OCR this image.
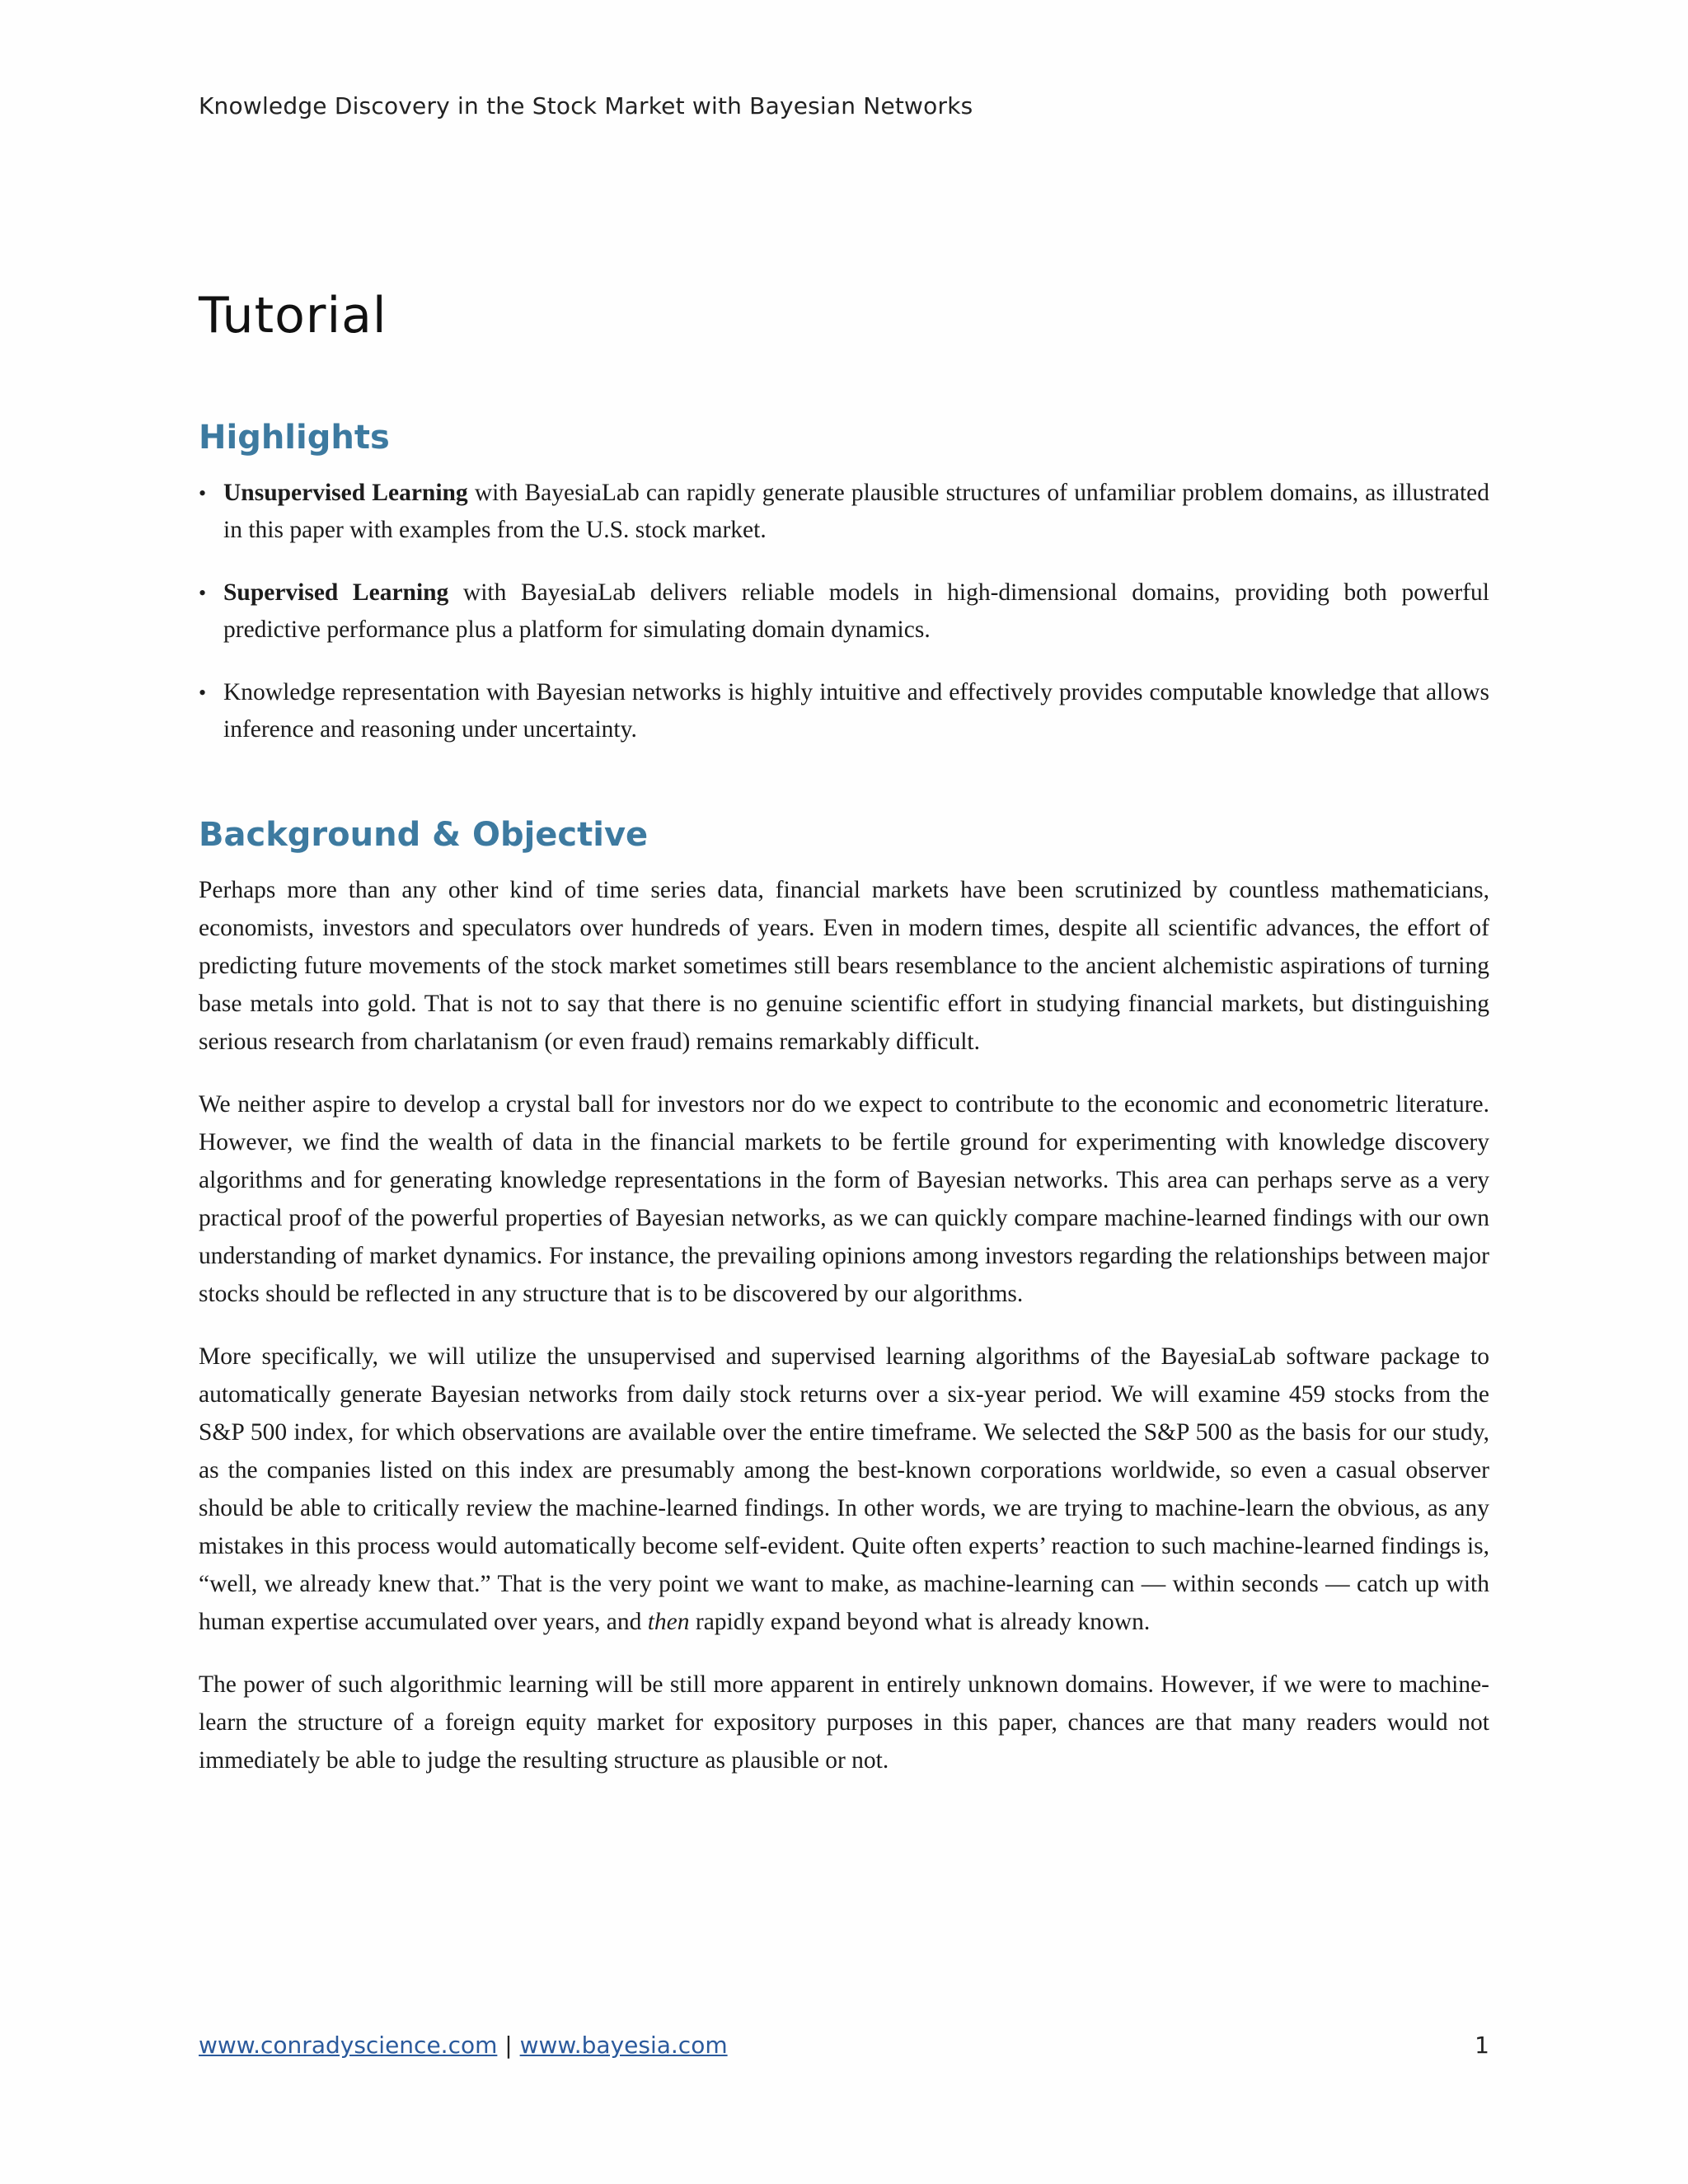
Knowledge Discovery in the Stock Market with Bayesian Networks
Tutorial
Highlights
• Unsupervised Learning with BayesiaLab can rapidly generate plausible structures of unfamiliar problem domains, as illustrated in this paper with examples from the U.S. stock market.
• Supervised Learning with BayesiaLab delivers reliable models in high-dimensional domains, providing both powerful predictive performance plus a platform for simulating domain dynamics.
• Knowledge representation with Bayesian networks is highly intuitive and effectively provides computable knowledge that allows inference and reasoning under uncertainty.
Background & Objective

Perhaps more than any other kind of time series data, financial markets have been scrutinized by countless mathematicians, economists, investors and speculators over hundreds of years. Even in modern times, despite all scientific advances, the effort of predicting future movements of the stock market sometimes still bears resemblance to the ancient alchemistic aspirations of turning base metals into gold. That is not to say that there is no genuine scientific effort in studying financial markets, but distinguishing serious research from charlatanism (or even fraud) remains remarkably difficult.

We neither aspire to develop a crystal ball for investors nor do we expect to contribute to the economic and econometric literature. However, we find the wealth of data in the financial markets to be fertile ground for experimenting with knowledge discovery algorithms and for generating knowledge representations in the form of Bayesian networks. This area can perhaps serve as a very practical proof of the powerful properties of Bayesian networks, as we can quickly compare machine-learned findings with our own understanding of market dynamics. For instance, the prevailing opinions among investors regarding the relationships between major stocks should be reflected in any structure that is to be discovered by our algorithms.

More specifically, we will utilize the unsupervised and supervised learning algorithms of the BayesiaLab software package to automatically generate Bayesian networks from daily stock returns over a six-year period. We will examine 459 stocks from the S&P 500 index, for which observations are available over the entire timeframe. We selected the S&P 500 as the basis for our study, as the companies listed on this index are presumably among the best-known corporations worldwide, so even a casual observer should be able to critically review the machine-learned findings. In other words, we are trying to machine-learn the obvious, as any mistakes in this process would automatically become self-evident. Quite often experts’ reaction to such machine-learned findings is, “well, we already knew that.” That is the very point we want to make, as machine-learning can — within seconds — catch up with human expertise accumulated over years, and then rapidly expand beyond what is already known.

The power of such algorithmic learning will be still more apparent in entirely unknown domains. However, if we were to machine-learn the structure of a foreign equity market for expository purposes in this paper, chances are that many readers would not immediately be able to judge the resulting structure as plausible or not.

www.conradyscience.com | www.bayesia.com	1
